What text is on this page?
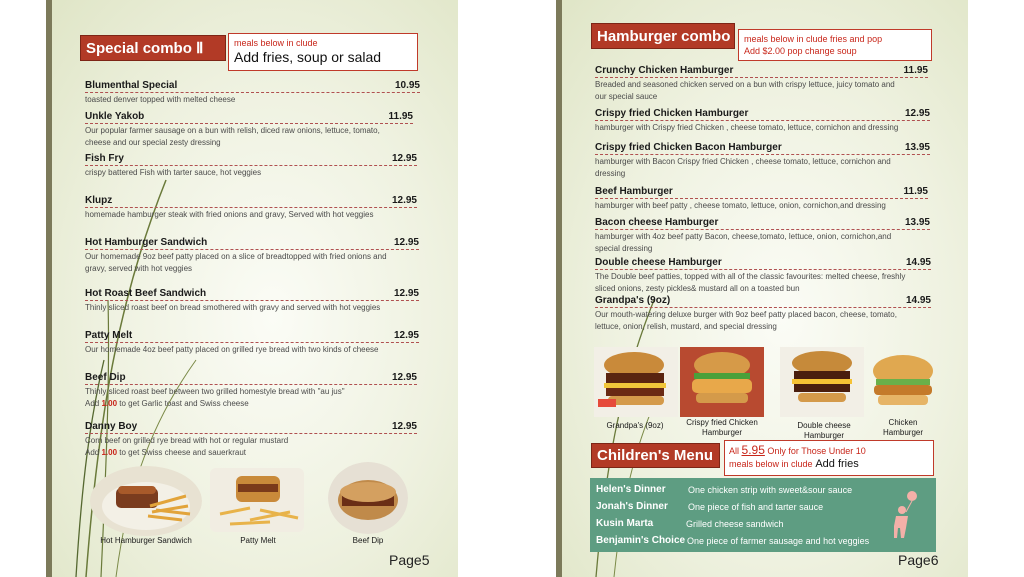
Special combo Ⅱ	meals below in clude
Add fries, soup or salad
Blumenthal Special	10.95
toasted denver topped with melted cheese
Unkle Yakob	11.95
Our popular farmer sausage on a bun with relish, diced raw onions, lettuce, tomato,
cheese and our special zesty dressing
Fish Fry	12.95
crispy battered Fish with tarter sauce, hot veggies
Klupz	12.95
homemade hamburger steak with fried onions and gravy, Served with hot veggies
Hot Hamburger Sandwich	12.95
Our homemade 9oz beef patty placed on a slice of breadtopped with fried onions and
gravy, served with hot veggies
Hot Roast Beef Sandwich	12.95
Thinly sliced roast beef on bread smothered with gravy and served with hot veggies
Patty Melt	12.95
Our homemade 4oz beef patty placed on grilled rye bread with two kinds of cheese
Beef Dip	12.95
Thinly sliced roast beef between two grilled homestyle bread with "au jus"
Add 1.00 to get Garlic toast and Swiss cheese
Danny Boy	12.95
Corn beef on grilled rye bread with hot or regular mustard
Add 1.00 to get Swiss cheese and sauerkraut
Hot Hamburger Sandwich	Patty Melt	Beef Dip
Page5
Hamburger combo meals below in clude fries and pop
Add $2.00 pop change soup
Crunchy Chicken Hamburger	11.95
Breaded and seasoned chicken served on a bun with crispy lettuce, juicy tomato and
our special sauce
Crispy fried Chicken Hamburger	12.95
hamburger with Crispy fried Chicken , cheese tomato, lettuce, cornichon and dressing
Crispy fried Chicken Bacon Hamburger	13.95
hamburger with Bacon Crispy fried Chicken , cheese tomato, lettuce, cornichon and
dressing
Beef Hamburger	11.95
hamburger with beef patty , cheese tomato, lettuce, onion, cornichon,and dressing
Bacon cheese Hamburger	13.95
hamburger with 4oz beef patty Bacon, cheese,tomato, lettuce, onion, cornichon,and
special dressing
Double cheese Hamburger	14.95
The Double beef patties, topped with all of the classic favourites: melted cheese, freshly
sliced onions, zesty pickles& mustard all on a toasted bun
Grandpa's (9oz)	14.95
Our mouth-watering deluxe burger with 9oz beef patty placed bacon, cheese, tomato,
lettuce, onion, relish, mustard, and special dressing
Grandpa's (9oz)	Crispy fried Chicken Hamburger
Double cheese Hamburger
Chicken Hamburger
Children's Menu All 5.95 Only for Those Under 10
meals below in clude Add fries
Helen's Dinner One chicken strip with sweet&sour sauce
Jonah's Dinner One piece of fish and tarter sauce
Kusin Marta	Grilled cheese sandwich
Benjamin's Choice One piece of farmer sausage and hot veggies
Page6
